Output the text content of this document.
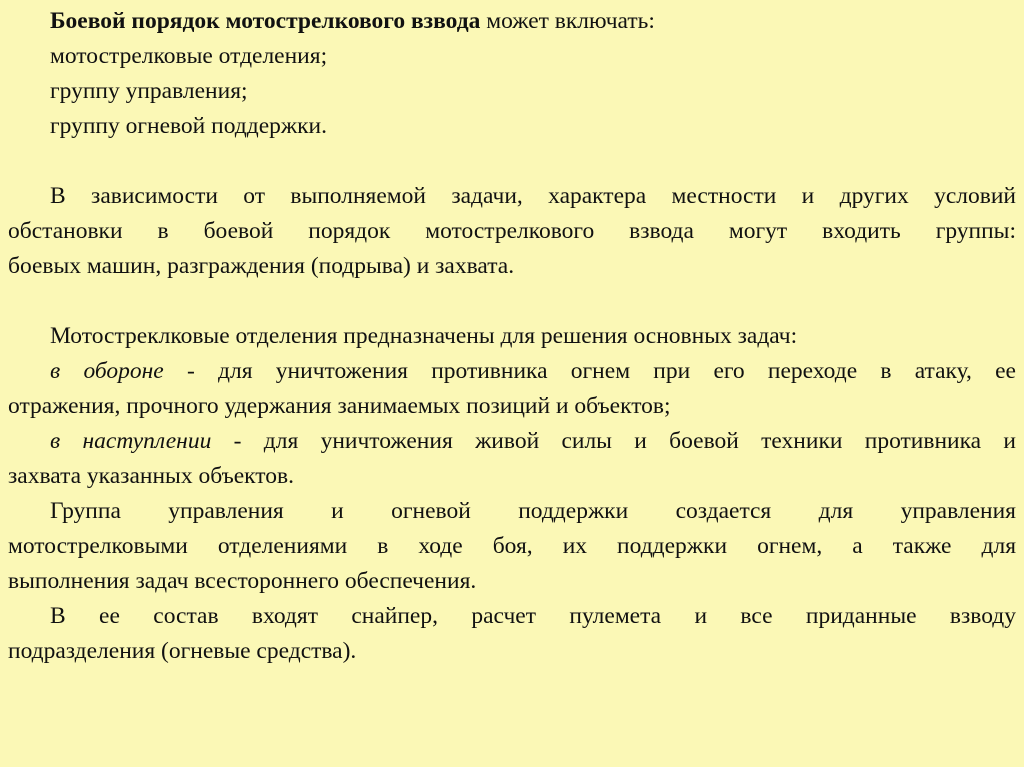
Боевой порядок мотострелкового взвода может включать:

мотострелковые отделения;

группу управления;

группу огневой поддержки.

В зависимости от выполняемой задачи, характера местности и других условий

обстановки в боевой порядок мотострелкового взвода могут входить группы:

боевых машин, разграждения (подрыва) и захвата.

Мотостреклковые отделения предназначены для решения основных задач:

в обороне - для уничтожения противника огнем при его переходе в атаку, ее

отражения, прочного удержания занимаемых позиций и объектов;

в наступлении - для уничтожения живой силы и боевой техники противника и

захвата указанных объектов.

Группа управления и огневой поддержки создается для управления

мотострелковыми отделениями в ходе боя, их поддержки огнем, а также для

выполнения задач всестороннего обеспечения.

В ее состав входят снайпер, расчет пулемета и все приданные взводу

подразделения (огневые средства).
